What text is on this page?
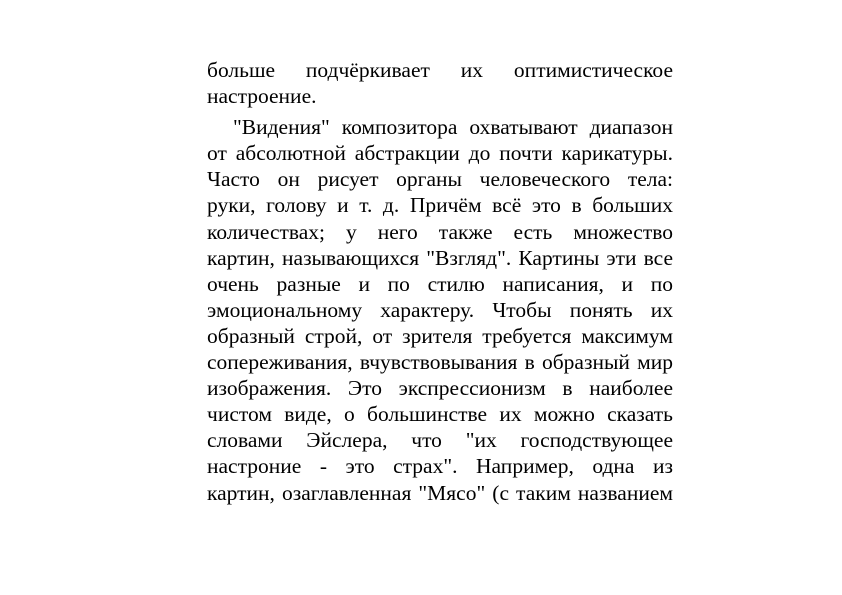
больше подчёркивает их оптимистическое
настроение.
"Видения" композитора охватывают диапазон
от абсолютной абстракции до почти карикатуры.
Часто он рисует органы человеческого тела:
руки, голову и т. д. Причём всё это в больших
количествах; у него также есть множество
картин, называющихся "Взгляд". Картины эти все
очень разные и по стилю написания, и по
эмоциональному характеру. Чтобы понять их
образный строй, от зрителя требуется максимум
сопереживания, вчувствовывания в образный мир
изображения. Это экспрессионизм в наиболее
чистом виде, о большинстве их можно сказать
словами Эйслера, что "их господствующее
настроние - это страх". Например, одна из
картин, озаглавленная "Мясо" (с таким названием
